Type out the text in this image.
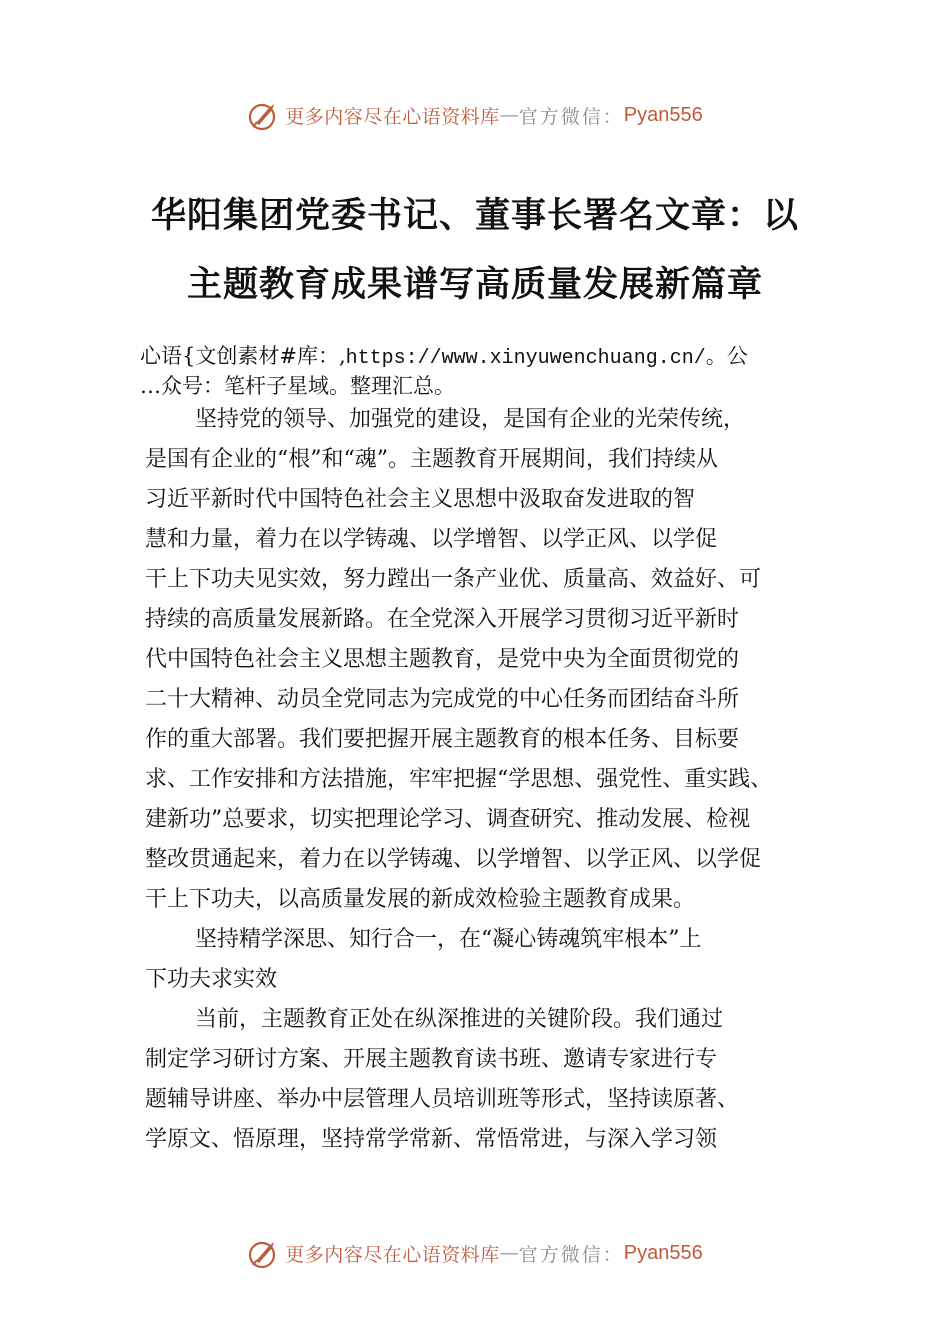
更多内容尽在心语资料库 — 官方微信： Pyan556
华阳集团党委书记、董事长署名文章：以
主题教育成果谱写高质量发展新篇章

心语{文创素材#库：,https://www.xinyuwenchuang.cn/。公

…众号：笔杆子星域。整理汇总。

坚持党的领导、加强党的建设，是国有企业的光荣传统，

是国有企业的“根”和“魂”。主题教育开展期间，我们持续从

习近平新时代中国特色社会主义思想中汲取奋发进取的智

慧和力量，着力在以学铸魂、以学增智、以学正风、以学促

干上下功夫见实效，努力蹚出一条产业优、质量高、效益好、可

持续的高质量发展新路。在全党深入开展学习贯彻习近平新时

代中国特色社会主义思想主题教育，是党中央为全面贯彻党的

二十大精神、动员全党同志为完成党的中心任务而团结奋斗所

作的重大部署。我们要把握开展主题教育的根本任务、目标要

求、工作安排和方法措施，牢牢把握“学思想、强党性、重实践、

建新功”总要求，切实把理论学习、调查研究、推动发展、检视

整改贯通起来，着力在以学铸魂、以学增智、以学正风、以学促

干上下功夫，以高质量发展的新成效检验主题教育成果。

坚持精学深思、知行合一，在“凝心铸魂筑牢根本”上

下功夫求实效

当前，主题教育正处在纵深推进的关键阶段。我们通过

制定学习研讨方案、开展主题教育读书班、邀请专家进行专

题辅导讲座、举办中层管理人员培训班等形式，坚持读原著、

学原文、悟原理，坚持常学常新、常悟常进，与深入学习领

更多内容尽在心语资料库 — 官方微信： Pyan556
